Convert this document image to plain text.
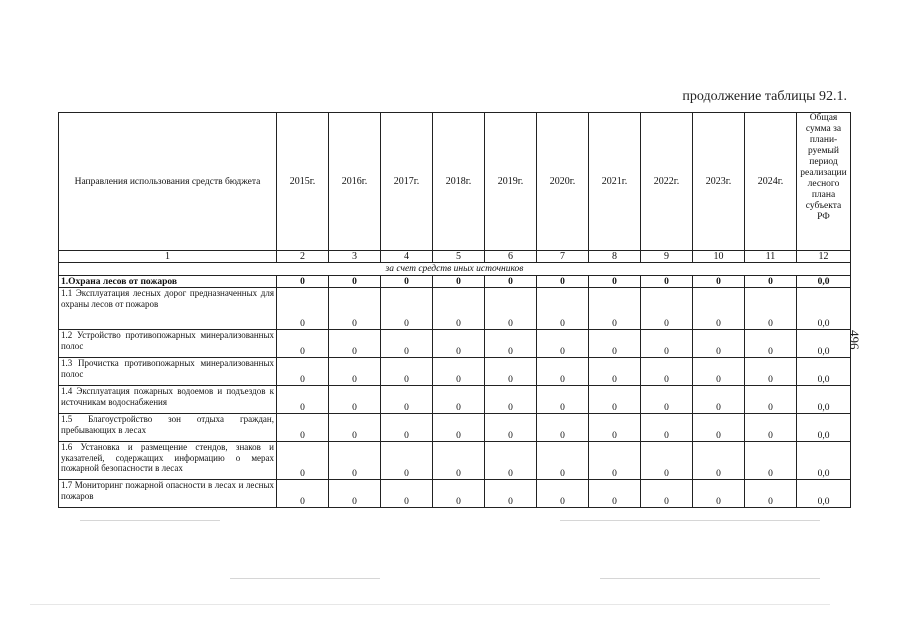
продолжение таблицы 92.1.
496
Направления использования средств бюджета	2015г.	2016г.	2017г.	2018г.	2019г.	2020г.	2021г.	2022г.	2023г.	2024г.	Общая сумма за плани-руемый период реализации лесного плана субъекта РФ
1	2	3	4	5	6	7	8	9	10	11	12
за счет средств иных источников											
1.Охрана лесов от пожаров	0	0	0	0	0	0	0	0	0	0	0,0
1.1 Эксплуатация лесных дорог предназначенных для охраны лесов от пожаров	0	0	0	0	0	0	0	0	0	0	0,0
1.2 Устройство противопожарных минерализованных полос	0	0	0	0	0	0	0	0	0	0	0,0
1.3 Прочистка противопожарных минерализованных полос	0	0	0	0	0	0	0	0	0	0	0,0
1.4 Эксплуатация пожарных водоемов и подъездов к источникам водоснабжения	0	0	0	0	0	0	0	0	0	0	0,0
1.5 Благоустройство зон отдыха граждан, пребывающих в лесах	0	0	0	0	0	0	0	0	0	0	0,0
1.6 Установка и размещение стендов, знаков и указателей, содержащих информацию о мерах пожарной безопасности в лесах	0	0	0	0	0	0	0	0	0	0	0,0
1.7 Мониторинг пожарной опасности в лесах и лесных пожаров	0	0	0	0	0	0	0	0	0	0	0,0
